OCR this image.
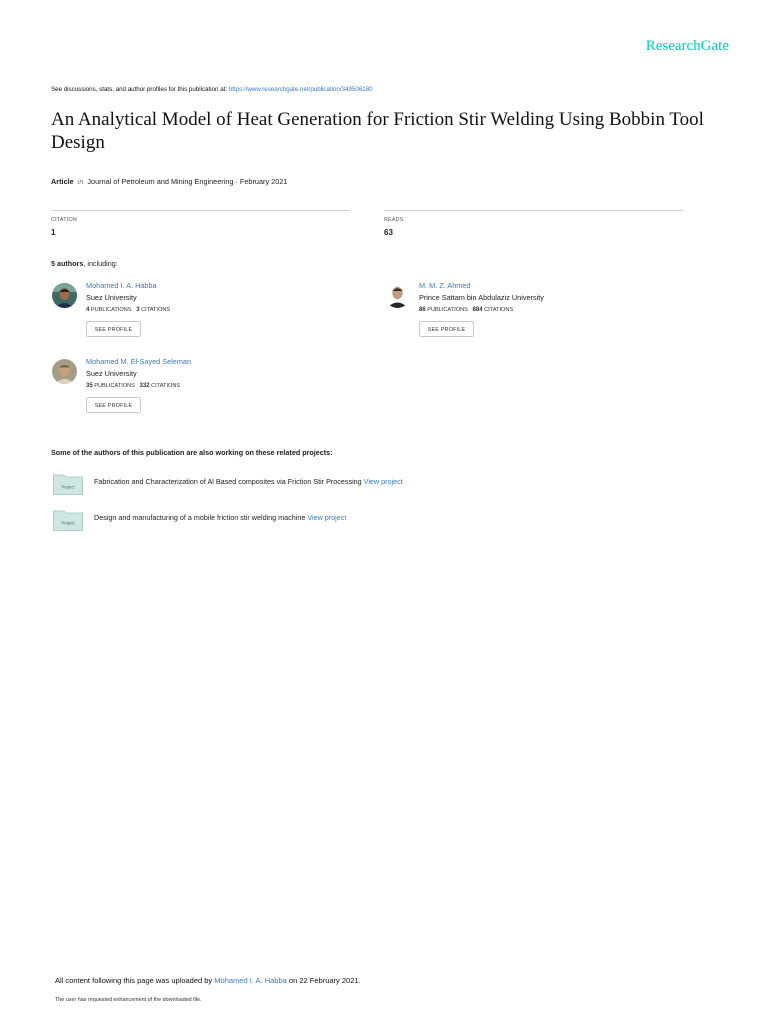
ResearchGate
See discussions, stats, and author profiles for this publication at: https://www.researchgate.net/publication/349506180
An Analytical Model of Heat Generation for Friction Stir Welding Using Bobbin Tool Design
Article in Journal of Petroleum and Mining Engineering · February 2021
CITATION
1
READS
63
5 authors, including:
Mohamed I. A. Habba
Suez University
4 PUBLICATIONS 3 CITATIONS
SEE PROFILE
M. M. Z. Ahmed
Prince Sattam bin Abdulaziz University
86 PUBLICATIONS 884 CITATIONS
SEE PROFILE
Mohamed M. El-Sayed Seleman
Suez University
35 PUBLICATIONS 332 CITATIONS
SEE PROFILE
Some of the authors of this publication are also working on these related projects:
Project
Fabrication and Characterization of Al Based composites via Friction Stir Processing View project
Project
Design and manufacturing of a mobile friction stir welding machine View project
All content following this page was uploaded by Mohamed I. A. Habba on 22 February 2021.
The user has requested enhancement of the downloaded file.
